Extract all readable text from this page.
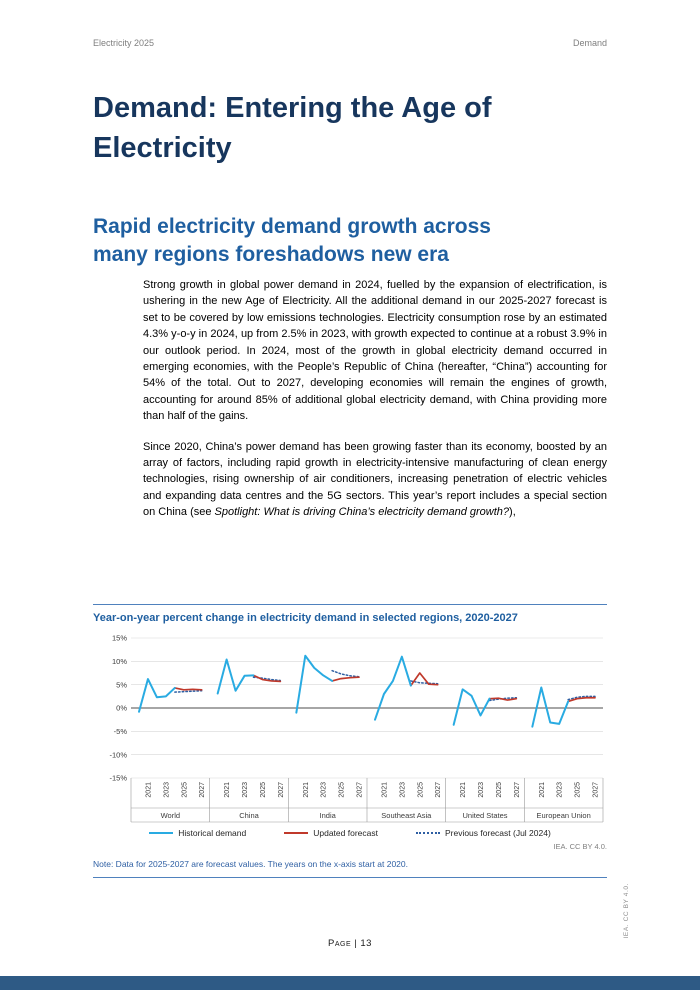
Electricity 2025	Demand
Demand: Entering the Age of Electricity
Rapid electricity demand growth across many regions foreshadows new era

Strong growth in global power demand in 2024, fuelled by the expansion of electrification, is ushering in the new Age of Electricity. All the additional demand in our 2025-2027 forecast is set to be covered by low emissions technologies. Electricity consumption rose by an estimated 4.3% y-o-y in 2024, up from 2.5% in 2023, with growth expected to continue at a robust 3.9% in our outlook period. In 2024, most of the growth in global electricity demand occurred in emerging economies, with the People’s Republic of China (hereafter, “China”) accounting for 54% of the total. Out to 2027, developing economies will remain the engines of growth, accounting for around 85% of additional global electricity demand, with China providing more than half of the gains.

Since 2020, China’s power demand has been growing faster than its economy, boosted by an array of factors, including rapid growth in electricity-intensive manufacturing of clean energy technologies, rising ownership of air conditioners, increasing penetration of electric vehicles and expanding data centres and the 5G sectors. This year’s report includes a special section on China (see Spotlight: What is driving China’s electricity demand growth?),

Year-on-year percent change in electricity demand in selected regions, 2020-2027
-15%
-10%
-5%
0%
5%
10%
15%
2021 2023 2025 2027
World
2021 2023 2025 2027
China
2021 2023 2025 2027
India
2021 2023 2025 2027
Southeast Asia
2021 2023 2025 2027
United States
2021 2023 2025 2027
European Union
Historical demand	Updated forecast	Previous forecast (Jul 2024)
IEA. CC BY 4.0.
Note: Data for 2025-2027 are forecast values. The years on the x-axis start at 2020.
Page | 13
IEA. CC BY 4.0.
